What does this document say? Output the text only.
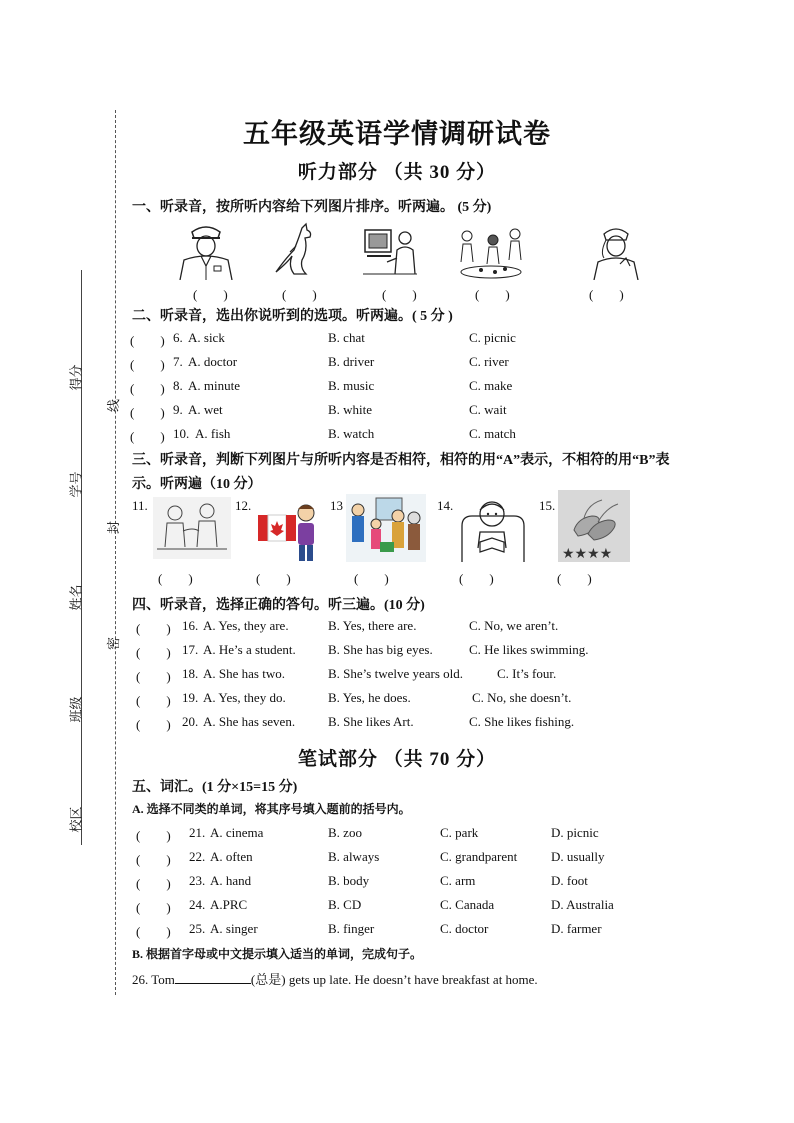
得分
学号
姓名
班级
校区
线
封
密
五年级英语学情调研试卷
听力部分 （共 30 分）
一、听录音，按所听内容给下列图片排序。听两遍。 (5 分)
(　　)	(　　)	(　　)	(　　)	(　　)
二、听录音，选出你说听到的选项。听两遍。( 5 分 )
(　　) 6. A. sick	B. chat	C. picnic
(　　) 7. A. doctor	B. driver	C. river
(　　) 8. A. minute	B. music	C. make
(　　) 9. A. wet	B. white	C. wait
(　　) 10. A. fish	B. watch	C. match
三、听录音，判断下列图片与所听内容是否相符，相符的用“A”表示，不相符的用“B”表
示。听两遍（10 分）
11.	12.	13	14.	15.
★★★★
(　　)	(　　)	(　　)	(　　)	(　　)
四、听录音，选择正确的答句。听三遍。(10 分)
(　　) 16. A. Yes, they are.	B. Yes, there are.	C. No, we aren’t.
(　　) 17. A. He’s a student. B. She has big eyes.	C. He likes swimming.
(　　) 18. A. She has two.	B. She’s twelve years old.	C. It’s four.
(　　) 19. A. Yes, they do.	B. Yes, he does.	C. No, she doesn’t.
(　　) 20. A. She has seven.	B. She likes Art.	C. She likes fishing.
笔试部分 （共 70 分）
五、词汇。(1 分×15=15 分)
A. 选择不同类的单词，将其序号填入题前的括号内。
(　　) 21. A. cinema	B. zoo	C. park	D. picnic
(　　) 22. A. often	B. always	C. grandparent	D. usually
(　　) 23. A. hand	B. body	C. arm	D. foot
(　　) 24. A.PRC	B. CD	C. Canada	D. Australia
(　　) 25. A. singer	B. finger	C. doctor	D. farmer
B. 根据首字母或中文提示填入适当的单词，完成句子。
26. Tom	(总是) gets up late. He doesn’t have breakfast at home.
